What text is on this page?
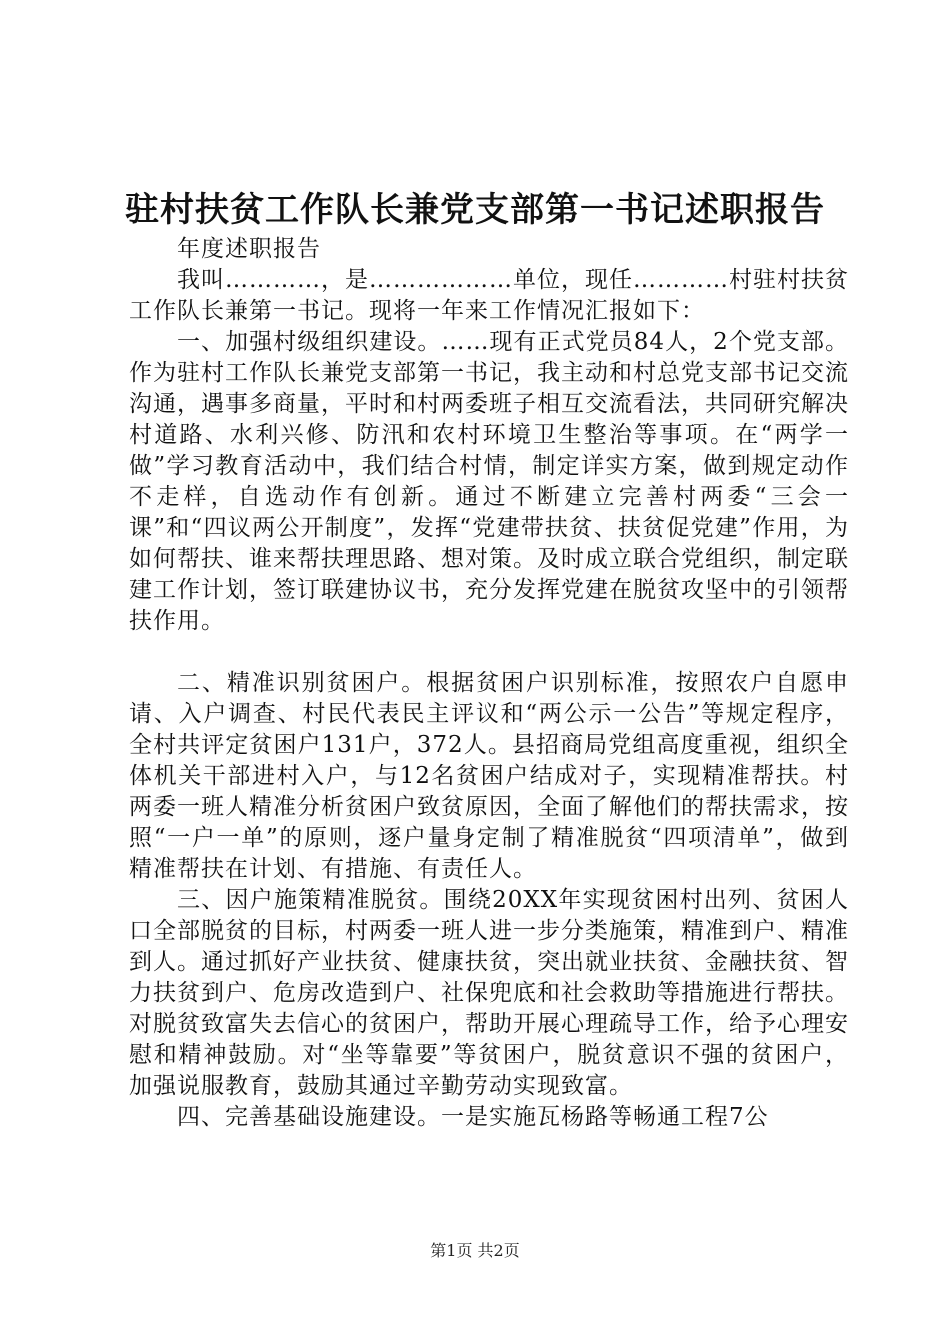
驻村扶贫工作队长兼党支部第一书记述职报告

年度述职报告

我叫…………，是………………单位，现任…………村驻村扶贫工作队长兼第一书记。现将一年来工作情况汇报如下：

一、加强村级组织建设。……现有正式党员84人，2个党支部。作为驻村工作队长兼党支部第一书记，我主动和村总党支部书记交流沟通，遇事多商量，平时和村两委班子相互交流看法，共同研究解决村道路、水利兴修、防汛和农村环境卫生整治等事项。在“两学一做”学习教育活动中，我们结合村情，制定详实方案，做到规定动作不走样，自选动作有创新。通过不断建立完善村两委“三会一课”和“四议两公开制度”，发挥“党建带扶贫、扶贫促党建”作用，为如何帮扶、谁来帮扶理思路、想对策。及时成立联合党组织，制定联建工作计划，签订联建协议书，充分发挥党建在脱贫攻坚中的引领帮扶作用。

二、精准识别贫困户。根据贫困户识别标准，按照农户自愿申请、入户调查、村民代表民主评议和“两公示一公告”等规定程序，全村共评定贫困户131户，372人。县招商局党组高度重视，组织全体机关干部进村入户，与12名贫困户结成对子，实现精准帮扶。村两委一班人精准分析贫困户致贫原因，全面了解他们的帮扶需求，按照“一户一单”的原则，逐户量身定制了精准脱贫“四项清单”，做到精准帮扶在计划、有措施、有责任人。

三、因户施策精准脱贫。围绕20XX年实现贫困村出列、贫困人口全部脱贫的目标，村两委一班人进一步分类施策，精准到户、精准到人。通过抓好产业扶贫、健康扶贫，突出就业扶贫、金融扶贫、智力扶贫到户、危房改造到户、社保兜底和社会救助等措施进行帮扶。对脱贫致富失去信心的贫困户，帮助开展心理疏导工作，给予心理安慰和精神鼓励。对“坐等靠要”等贫困户，脱贫意识不强的贫困户，加强说服教育，鼓励其通过辛勤劳动实现致富。

四、完善基础设施建设。一是实施瓦杨路等畅通工程7公

第1页 共2页
